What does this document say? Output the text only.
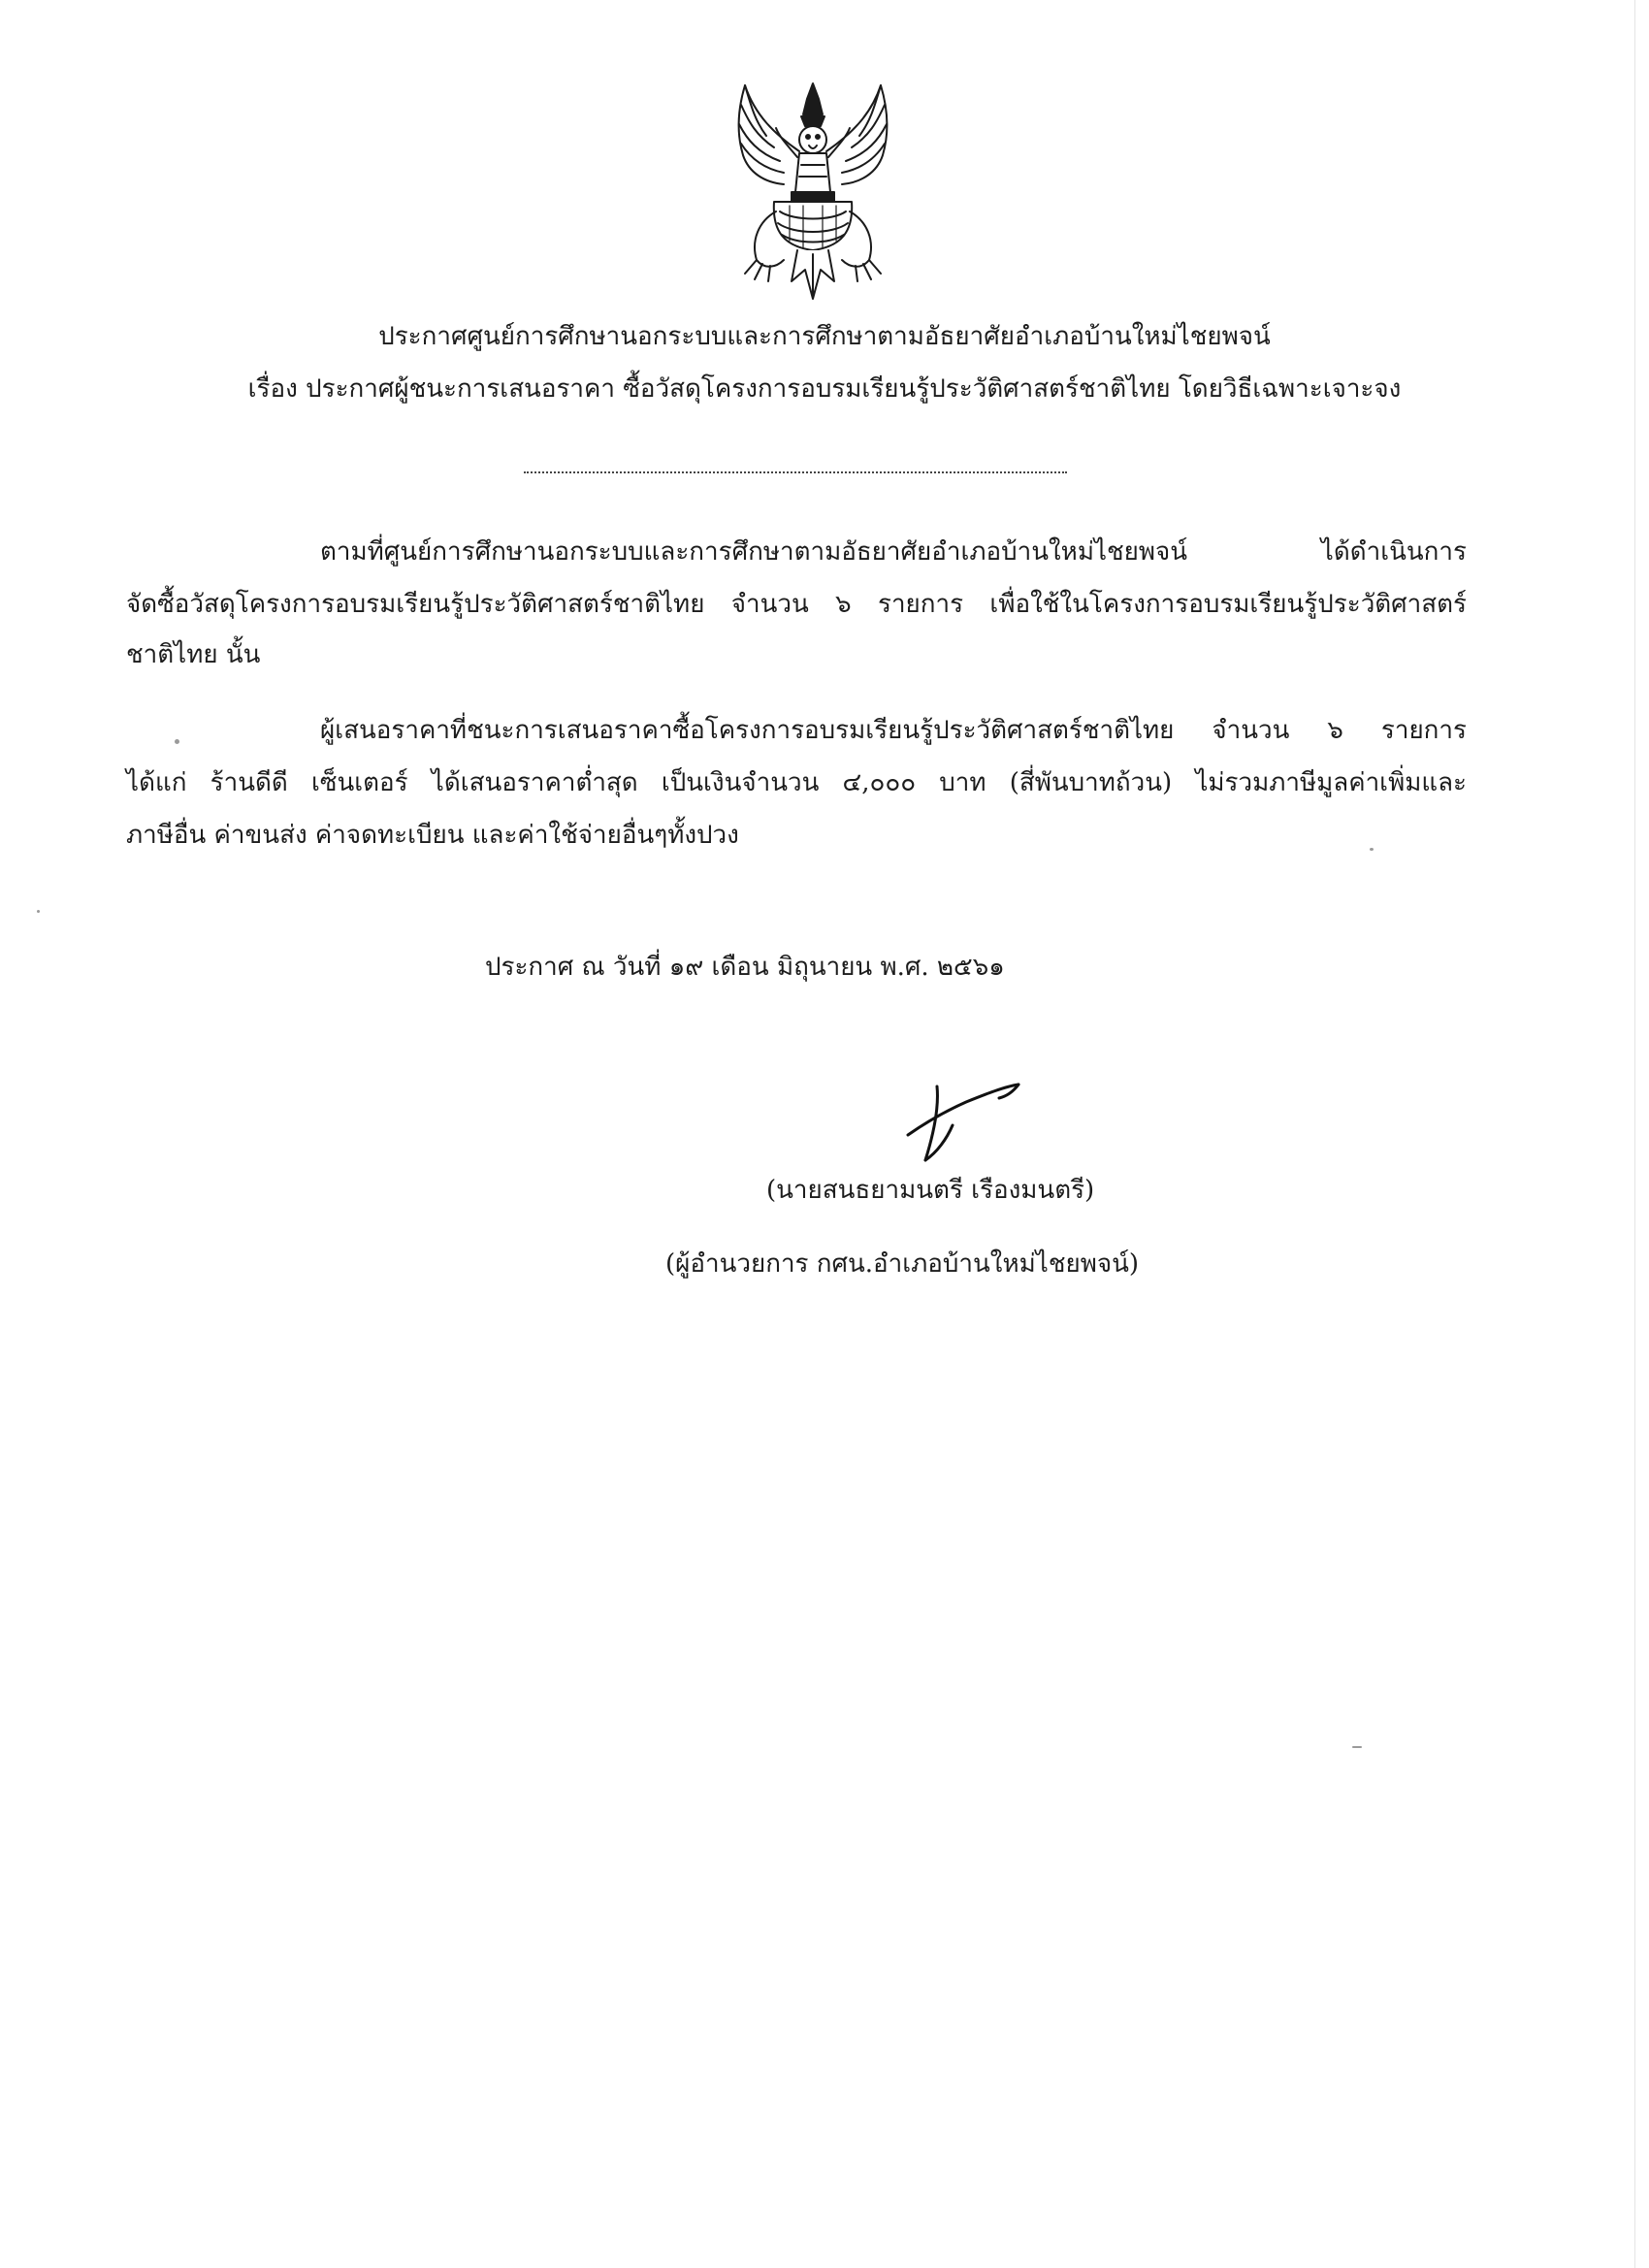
ประกาศศูนย์การศึกษานอกระบบและการศึกษาตามอัธยาศัยอำเภอบ้านใหม่ไชยพจน์
เรื่อง ประกาศผู้ชนะการเสนอราคา ซื้อวัสดุโครงการอบรมเรียนรู้ประวัติศาสตร์ชาติไทย โดยวิธีเฉพาะเจาะจง
ตามที่ศูนย์การศึกษานอกระบบและการศึกษาตามอัธยาศัยอำเภอบ้านใหม่ไชยพจน์ ได้ดำเนินการ
จัดซื้อวัสดุโครงการอบรมเรียนรู้ประวัติศาสตร์ชาติไทย จำนวน ๖ รายการ เพื่อใช้ในโครงการอบรมเรียนรู้ประวัติศาสตร์
ชาติไทย นั้น
ผู้เสนอราคาที่ชนะการเสนอราคาซื้อโครงการอบรมเรียนรู้ประวัติศาสตร์ชาติไทย จำนวน ๖ รายการ
ได้แก่ ร้านดีดี เซ็นเตอร์ ได้เสนอราคาต่ำสุด เป็นเงินจำนวน ๔,๐๐๐ บาท (สี่พันบาทถ้วน) ไม่รวมภาษีมูลค่าเพิ่มและ
ภาษีอื่น ค่าขนส่ง ค่าจดทะเบียน และค่าใช้จ่ายอื่นๆทั้งปวง
ประกาศ ณ วันที่ ๑๙ เดือน มิถุนายน พ.ศ. ๒๕๖๑
(นายสนธยามนตรี เรืองมนตรี)
(ผู้อำนวยการ กศน.อำเภอบ้านใหม่ไชยพจน์)
